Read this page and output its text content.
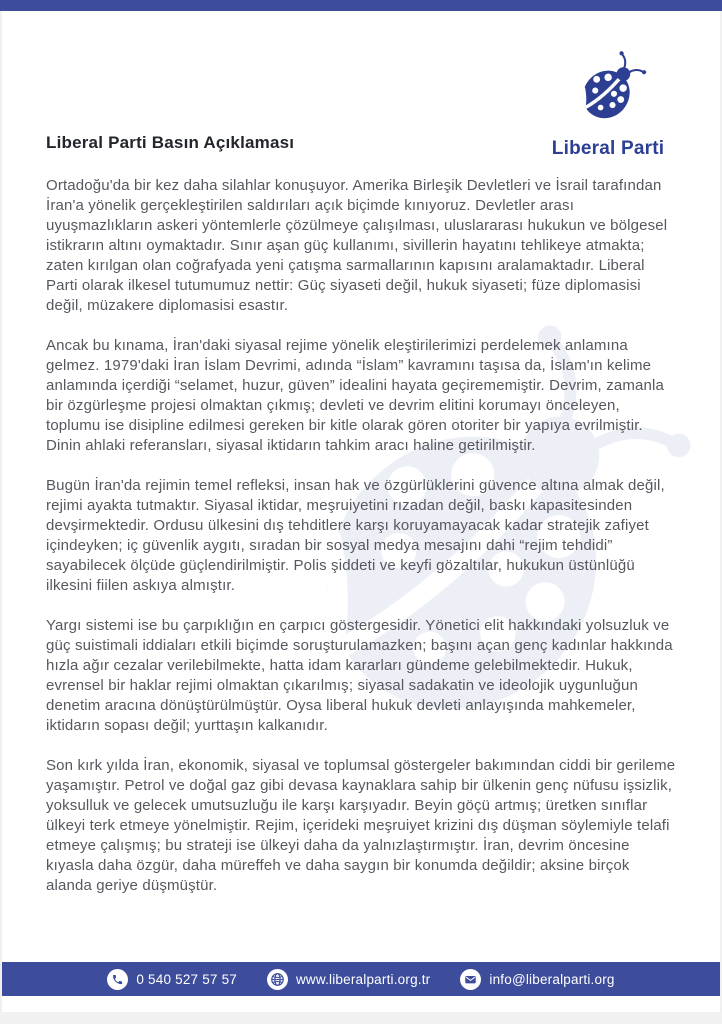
Liberal Parti
Liberal Parti Basın Açıklaması

Ortadoğu'da bir kez daha silahlar konuşuyor. Amerika Birleşik Devletleri ve İsrail tarafından İran'a yönelik gerçekleştirilen saldırıları açık biçimde kınıyoruz. Devletler arası uyuşmazlıkların askeri yöntemlerle çözülmeye çalışılması, uluslararası hukukun ve bölgesel istikrarın altını oymaktadır. Sınır aşan güç kullanımı, sivillerin hayatını tehlikeye atmakta; zaten kırılgan olan coğrafyada yeni çatışma sarmallarının kapısını aralamaktadır. Liberal Parti olarak ilkesel tutumumuz nettir: Güç siyaseti değil, hukuk siyaseti; füze diplomasisi değil, müzakere diplomasisi esastır.

Ancak bu kınama, İran'daki siyasal rejime yönelik eleştirilerimizi perdelemek anlamına gelmez. 1979'daki İran İslam Devrimi, adında “İslam” kavramını taşısa da, İslam'ın kelime anlamında içerdiği “selamet, huzur, güven” idealini hayata geçirememiştir. Devrim, zamanla bir özgürleşme projesi olmaktan çıkmış; devleti ve devrim elitini korumayı önceleyen, toplumu ise disipline edilmesi gereken bir kitle olarak gören otoriter bir yapıya evrilmiştir. Dinin ahlaki referansları, siyasal iktidarın tahkim aracı haline getirilmiştir.

Bugün İran'da rejimin temel refleksi, insan hak ve özgürlüklerini güvence altına almak değil, rejimi ayakta tutmaktır. Siyasal iktidar, meşruiyetini rızadan değil, baskı kapasitesinden devşirmektedir. Ordusu ülkesini dış tehditlere karşı koruyamayacak kadar stratejik zafiyet içindeyken; iç güvenlik aygıtı, sıradan bir sosyal medya mesajını dahi “rejim tehdidi” sayabilecek ölçüde güçlendirilmiştir. Polis şiddeti ve keyfi gözaltılar, hukukun üstünlüğü ilkesini fiilen askıya almıştır.

Yargı sistemi ise bu çarpıklığın en çarpıcı göstergesidir. Yönetici elit hakkındaki yolsuzluk ve güç suistimali iddiaları etkili biçimde soruşturulamazken; başını açan genç kadınlar hakkında hızla ağır cezalar verilebilmekte, hatta idam kararları gündeme gelebilmektedir. Hukuk, evrensel bir haklar rejimi olmaktan çıkarılmış; siyasal sadakatin ve ideolojik uygunluğun denetim aracına dönüştürülmüştür. Oysa liberal hukuk devleti anlayışında mahkemeler, iktidarın sopası değil; yurttaşın kalkanıdır.

Son kırk yılda İran, ekonomik, siyasal ve toplumsal göstergeler bakımından ciddi bir gerileme yaşamıştır. Petrol ve doğal gaz gibi devasa kaynaklara sahip bir ülkenin genç nüfusu işsizlik, yoksulluk ve gelecek umutsuzluğu ile karşı karşıyadır. Beyin göçü artmış; üretken sınıflar ülkeyi terk etmeye yönelmiştir. Rejim, içerideki meşruiyet krizini dış düşman söylemiyle telafi etmeye çalışmış; bu strateji ise ülkeyi daha da yalnızlaştırmıştır. İran, devrim öncesine kıyasla daha özgür, daha müreffeh ve daha saygın bir konumda değildir; aksine birçok alanda geriye düşmüştür.

0 540 527 57 57	www.liberalparti.org.tr	info@liberalparti.org
